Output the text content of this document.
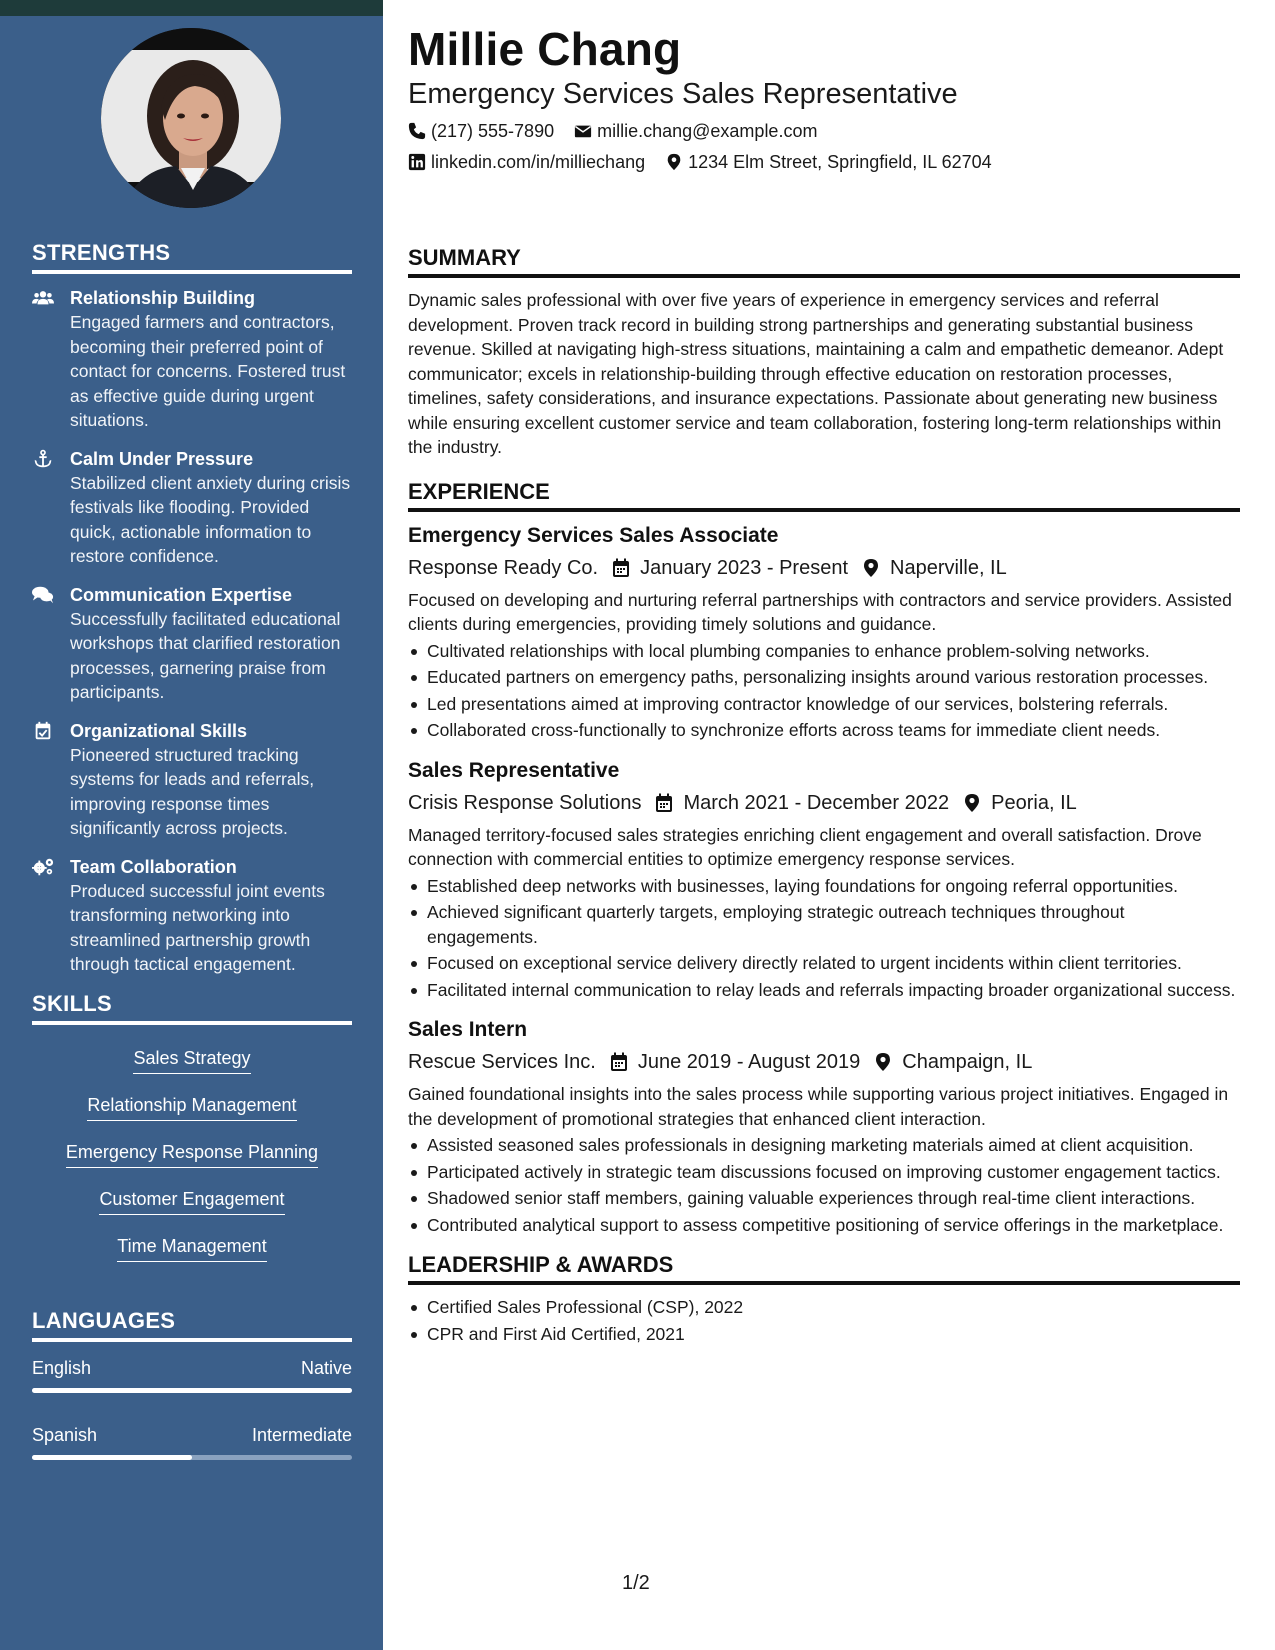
STRENGTHS
Relationship Building
Engaged farmers and contractors, becoming their preferred point of contact for concerns. Fostered trust as effective guide during urgent situations.
Calm Under Pressure
Stabilized client anxiety during crisis festivals like flooding. Provided quick, actionable information to restore confidence.
Communication Expertise
Successfully facilitated educational workshops that clarified restoration processes, garnering praise from participants.
Organizational Skills
Pioneered structured tracking systems for leads and referrals, improving response times significantly across projects.
Team Collaboration
Produced successful joint events transforming networking into streamlined partnership growth through tactical engagement.
SKILLS
Sales Strategy
Relationship Management
Emergency Response Planning
Customer Engagement
Time Management
LANGUAGES
English	Native
Spanish	Intermediate
Millie Chang
Emergency Services Sales Representative
(217) 555-7890 millie.chang@example.com
linkedin.com/in/milliechang 1234 Elm Street, Springfield, IL 62704
SUMMARY

Dynamic sales professional with over five years of experience in emergency services and referral development. Proven track record in building strong partnerships and generating substantial business revenue. Skilled at navigating high-stress situations, maintaining a calm and empathetic demeanor. Adept communicator; excels in relationship-building through effective education on restoration processes, timelines, safety considerations, and insurance expectations. Passionate about generating new business while ensuring excellent customer service and team collaboration, fostering long-term relationships within the industry.

EXPERIENCE
Emergency Services Sales Associate
Response Ready Co. January 2023 - Present Naperville, IL

Focused on developing and nurturing referral partnerships with contractors and service providers. Assisted clients during emergencies, providing timely solutions and guidance.

Cultivated relationships with local plumbing companies to enhance problem-solving networks.
Educated partners on emergency paths, personalizing insights around various restoration processes.
Led presentations aimed at improving contractor knowledge of our services, bolstering referrals.
Collaborated cross-functionally to synchronize efforts across teams for immediate client needs.
Sales Representative
Crisis Response Solutions March 2021 - December 2022 Peoria, IL

Managed territory-focused sales strategies enriching client engagement and overall satisfaction. Drove connection with commercial entities to optimize emergency response services.

Established deep networks with businesses, laying foundations for ongoing referral opportunities.
Achieved significant quarterly targets, employing strategic outreach techniques throughout engagements.
Focused on exceptional service delivery directly related to urgent incidents within client territories.
Facilitated internal communication to relay leads and referrals impacting broader organizational success.
Sales Intern
Rescue Services Inc. June 2019 - August 2019 Champaign, IL

Gained foundational insights into the sales process while supporting various project initiatives. Engaged in the development of promotional strategies that enhanced client interaction.

Assisted seasoned sales professionals in designing marketing materials aimed at client acquisition.
Participated actively in strategic team discussions focused on improving customer engagement tactics.
Shadowed senior staff members, gaining valuable experiences through real-time client interactions.
Contributed analytical support to assess competitive positioning of service offerings in the marketplace.
LEADERSHIP & AWARDS
Certified Sales Professional (CSP), 2022
CPR and First Aid Certified, 2021
1/2
